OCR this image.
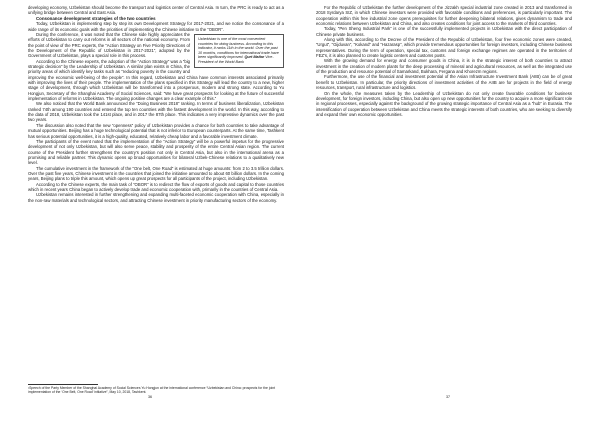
developing economy, Uzbekistan should become the transport and logistics center of Central Asia. In turn, the PRC is ready to act as a unifying bridge between Central and East Asia.

Consonance development strategies of the two countries

Today, Uzbekistan is implementing step by step its own Development Strategy for 2017-2021, and we notice the consonance of a wide range of its economic goals with the priorities of implementing the Chinese initiative to the “OBOR”.

Uzbekistan is one of the most convenient countries for doing business. According to this indicator, it ranks 11th in the world. Over the past 10 months, conditions for international trade have been significantly improved. Qurt Maltar Vice-President of the World Bank

During the conference, it was noted that the Chinese side highly appreciates the efforts of Uzbekistan to carry out reforms in all sectors of the national economy. From the point of view of the PRC experts, the “Action Strategy on Five Priority Directions of the Development of the Republic of Uzbekistan in 2017-2021”, adopted by the Government of Uzbekistan, plays a special role in this process.

According to the Chinese experts, the adoption of the “Action Strategy” was a “big strategic decision” by the Leadership of Uzbekistan. A similar plan exists in China, the priority areas of which identify key tasks such as “reducing poverty in the country and improving the economic well-being of the people”. In this regard, Uzbekistan and China have common interests associated primarily with improving the lives of their people. The implementation of the plans specified in this Strategy will lead the country to a new, higher stage of development, through which Uzbekistan will be transformed into a prosperous, modern and strong state. According to Yu Hongjun, Secretary of the Shanghai Academy of Social Sciences, said: “We have great prospects for looking at the future of successful implementation of reforms in Uzbekistan. The ongoing positive changes are a clear example of this.”

We also noticed that the World Bank announced the “Doing Business 2018” ranking. In terms of business liberalization, Uzbekistan ranked 74th among 190 countries and entered the top ten countries with the fastest development in the world. In this way, according to the data of 2018, Uzbekistan took the 141st place, and in 2017 the 87th place. This indicates a very impressive dynamics over the past two years.

The discussion also noted that the new “openness” policy of Uzbekistan provides a chance for both countries to take advantage of mutual opportunities. Beijing has a huge technological potential that is not inferior to European counterparts. At the same time, Tashkent has serious potential opportunities, it is a high-quality, educated, relatively cheap labor and a favorable investment climate.

The participants of the event noted that the implementation of the “Action Strategy” will be a powerful impetus for the progressive development of not only Uzbekistan, but will also serve peace, stability and prosperity of the entire Central Asian region. The current course of the President further strengthens the country's position not only in Central Asia, but also in the international arena as a promising and reliable partner. This dynamic opens up broad opportunities for bilateral Uzbek-Chinese relations to a qualitatively new level.

The cumulative investment in the framework of the “One belt, One Road” is estimated at huge amounts: from 2 to 3.5 trillion dollars. Over the past five years, Chinese investment in the countries that joined the initiative amounted to about 60 billion dollars. In the coming years, Beijing plans to triple this amount, which opens up great prospects for all participants of the project, including Uzbekistan.

According to the Chinese experts, the main task of “OBOR” is to redirect the flow of exports of goods and capital to those countries which in recent years China began to actively develop trade and economic cooperation with, primarily in the countries of Central Asia.

Uzbekistan remains interested in further strengthening and expanding multi-faceted economic cooperation with China, especially in the non-raw materials and technological sectors, and attracting Chinese investment in priority manufacturing sectors of the economy.

¹Speech of the Party Member of the Shanghai Academy of Social Sciences Yu Hongjun at the international conference “Uzbekistan and China: prospects for the joint implementation of the ‘One Belt, One Road’ initiative”, May 10, 2018, Tashkent.

36

For the Republic of Uzbekistan the further development of the Jizzakh special industrial zone created in 2013 and transformed in 2018 Syrdarya SIZ, in which Chinese investors were provided with favorable conditions and preferences, is particularly important. The cooperation within this free industrial zone opens prerequisites for further deepening bilateral relations, gives dynamism to trade and economic relations between Uzbekistan and China, and also creates conditions for joint access to the markets of third countries.

Today, “Pen Sheng Industrial Park” is one of the successfully implemented projects in Uzbekistan with the direct participation of Chinese private business.

Along with this, according to the Decree of the President of the Republic of Uzbekistan, four free economic zones were created, “Urgut”, “Gijduvan”, “Kokand” and “Hazarasp”, which provide tremendous opportunities for foreign investors, including Chinese business representatives. During the term of operation, special tax, customs and foreign exchange regimes are operated in the territories of FEZ's, it is also planned to create logistic centers and customs posts.

With the growing demand for energy and consumer goods in China, it is in the strategic interest of both countries to attract investment in the creation of modern plants for the deep processing of mineral and agricultural resources, as well as the integrated use of the production and resource potential of Samarkand, Bukhara, Fergana and Khorezm regions.

Furthermore, the use of the financial and investment potential of the Asian Infrastructure Investment Bank (AIIB) can be of great benefit to Uzbekistan. In particular, the priority directions of investment activities of the AIIB are for projects in the field of energy resources, transport, rural infrastructure and logistics.

On the whole, the measures taken by the Leadership of Uzbekistan do not only create favorable conditions for business development, for foreign investors, including China, but also open up new opportunities for the country to acquire a more significant role in regional processes, especially against the background of the growing strategic importance of Central Asia as a “hub” in Eurasia. The intensification of cooperation between Uzbekistan and China meets the strategic interests of both countries, who are seeking to diversify and expand their own economic opportunities.

37
